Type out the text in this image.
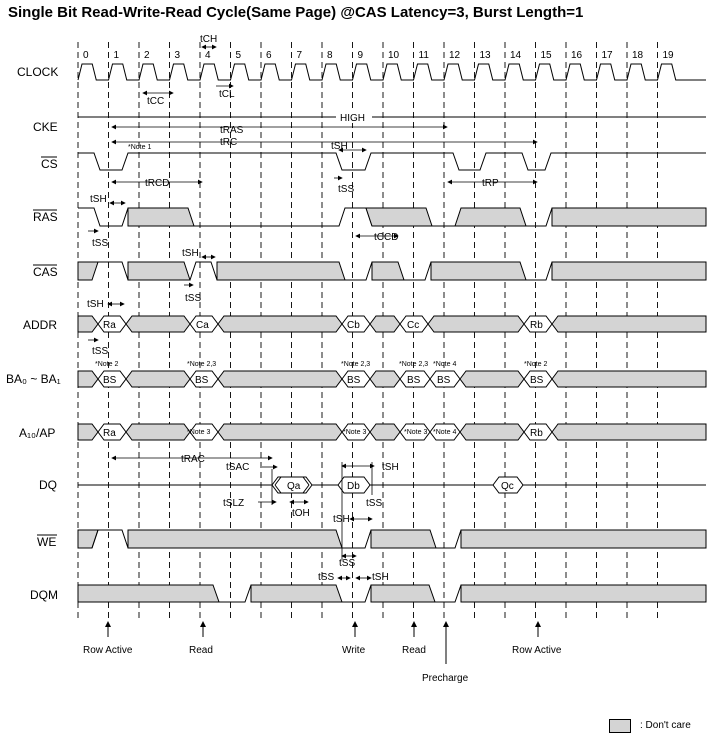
Single Bit Read-Write-Read Cycle(Same Page) @CAS Latency=3, Burst Length=1
0 1 2 3 4 5 6 7 8 9 10 11 12 13 14 15 16 17 18 19
CLOCK
CKE
CS
RAS
CAS
ADDR
BA₀ ~ BA₁
A₁₀/AP
DQ
WE
DQM
HIGH
Ra	Ca	Cb	Cc	Rb
BS	BS	BS	BS BS	BS
Ra	Rb
Qa	Db	Qc
tCH
tCC
tCL
tRAS
tRC
tRCD	tRP
tSH
tSS
tSH
tSS
tCCD
tSH
tSS
tSH
tSS
tRAC
tSAC
tSLZ
tOH
tSH
tSS
tSH
tSS
tSS	tSH
*Note 1
*Note 2	*Note 2,3	*Note 2,3	*Note 2,3 *Note 4	*Note 2
*Note 3	*Note 3	*Note 3 *Note 4
Row Active	Read	Write	Read
Precharge
Row Active
: Don't care
